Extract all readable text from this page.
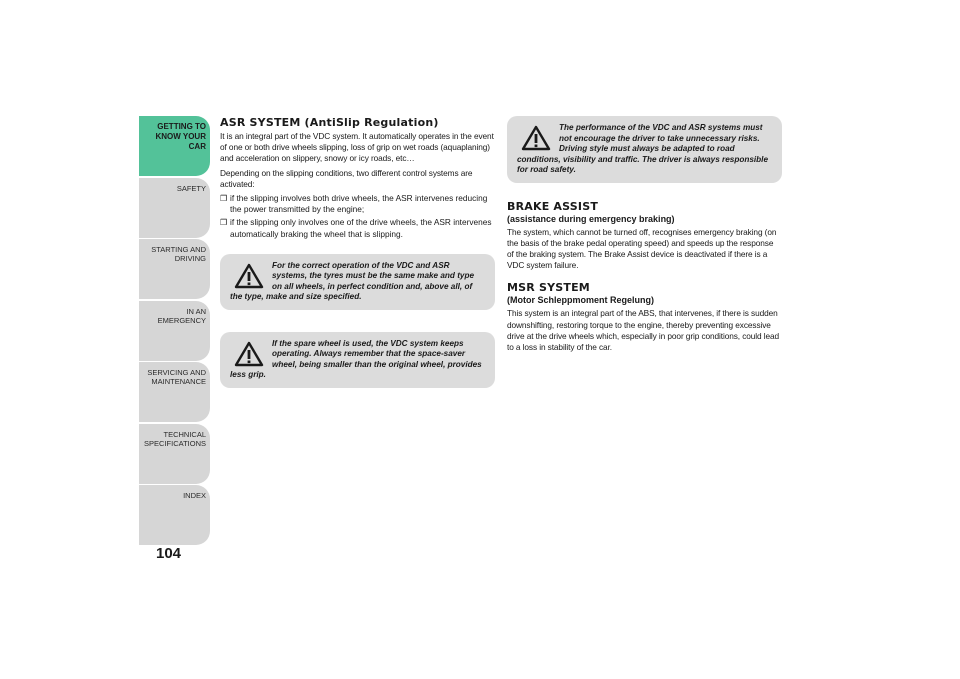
GETTING TO
KNOW YOUR CAR
SAFETY
STARTING AND
DRIVING
IN AN EMERGENCY
SERVICING AND
MAINTENANCE
TECHNICAL
SPECIFICATIONS
INDEX
104
ASR SYSTEM (AntiSlip Regulation)

It is an integral part of the VDC system. It automatically operates in the event of one or both drive wheels slipping, loss of grip on wet roads (aquaplaning) and acceleration on slippery, snowy or icy roads, etc…

Depending on the slipping conditions, two different control systems are activated:

❒ if the slipping involves both drive wheels, the ASR intervenes reducing the power transmitted by the engine;
❒ if the slipping only involves one of the drive wheels, the ASR intervenes automatically braking the wheel that is slipping.
For the correct operation of the VDC and ASR systems, the tyres must be the same make and type on all wheels, in perfect condition and, above all, of the type, make and size specified.
If the spare wheel is used, the VDC system keeps operating. Always remember that the space-saver wheel, being smaller than the original wheel, provides less grip.
The performance of the VDC and ASR systems must not encourage the driver to take unnecessary risks. Driving style must always be adapted to road conditions, visibility and traffic. The driver is always responsible for road safety.
BRAKE ASSIST
(assistance during emergency braking)

The system, which cannot be turned off, recognises emergency braking (on the basis of the brake pedal operating speed) and speeds up the response of the braking system. The Brake Assist device is deactivated if there is a VDC system failure.

MSR SYSTEM
(Motor Schleppmoment Regelung)

This system is an integral part of the ABS, that intervenes, if there is sudden downshifting, restoring torque to the engine, thereby preventing excessive drive at the drive wheels which, especially in poor grip conditions, could lead to a loss in stability of the car.
